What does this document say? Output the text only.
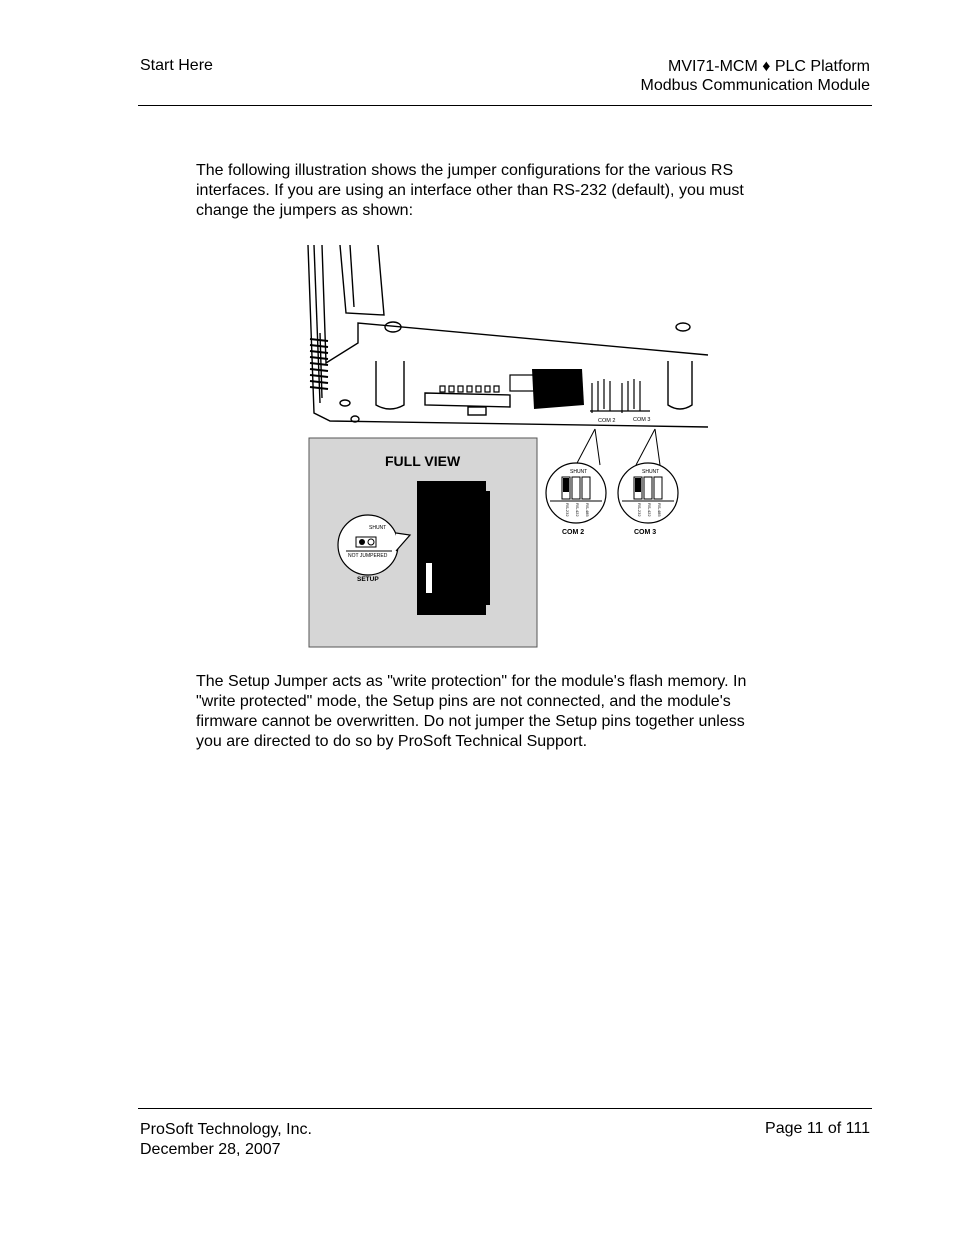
Start Here	MVI71-MCM ♦ PLC Platform
Modbus Communication Module

The following illustration shows the jumper configurations for the various RS

interfaces. If you are using an interface other than RS-232 (default), you must

change the jumpers as shown:

COM 2	COM 3
FULL VIEW
SHUNT
NOT JUMPERED
SETUP
SHUNT
RS-232 RS-422 RS-485
COM 2
SHUNT
RS-232 RS-422 RS-485
COM 3

The Setup Jumper acts as "write protection" for the module's flash memory. In

"write protected" mode, the Setup pins are not connected, and the module's

firmware cannot be overwritten. Do not jumper the Setup pins together unless

you are directed to do so by ProSoft Technical Support.

ProSoft Technology, Inc.
December 28, 2007
Page 11 of 111
